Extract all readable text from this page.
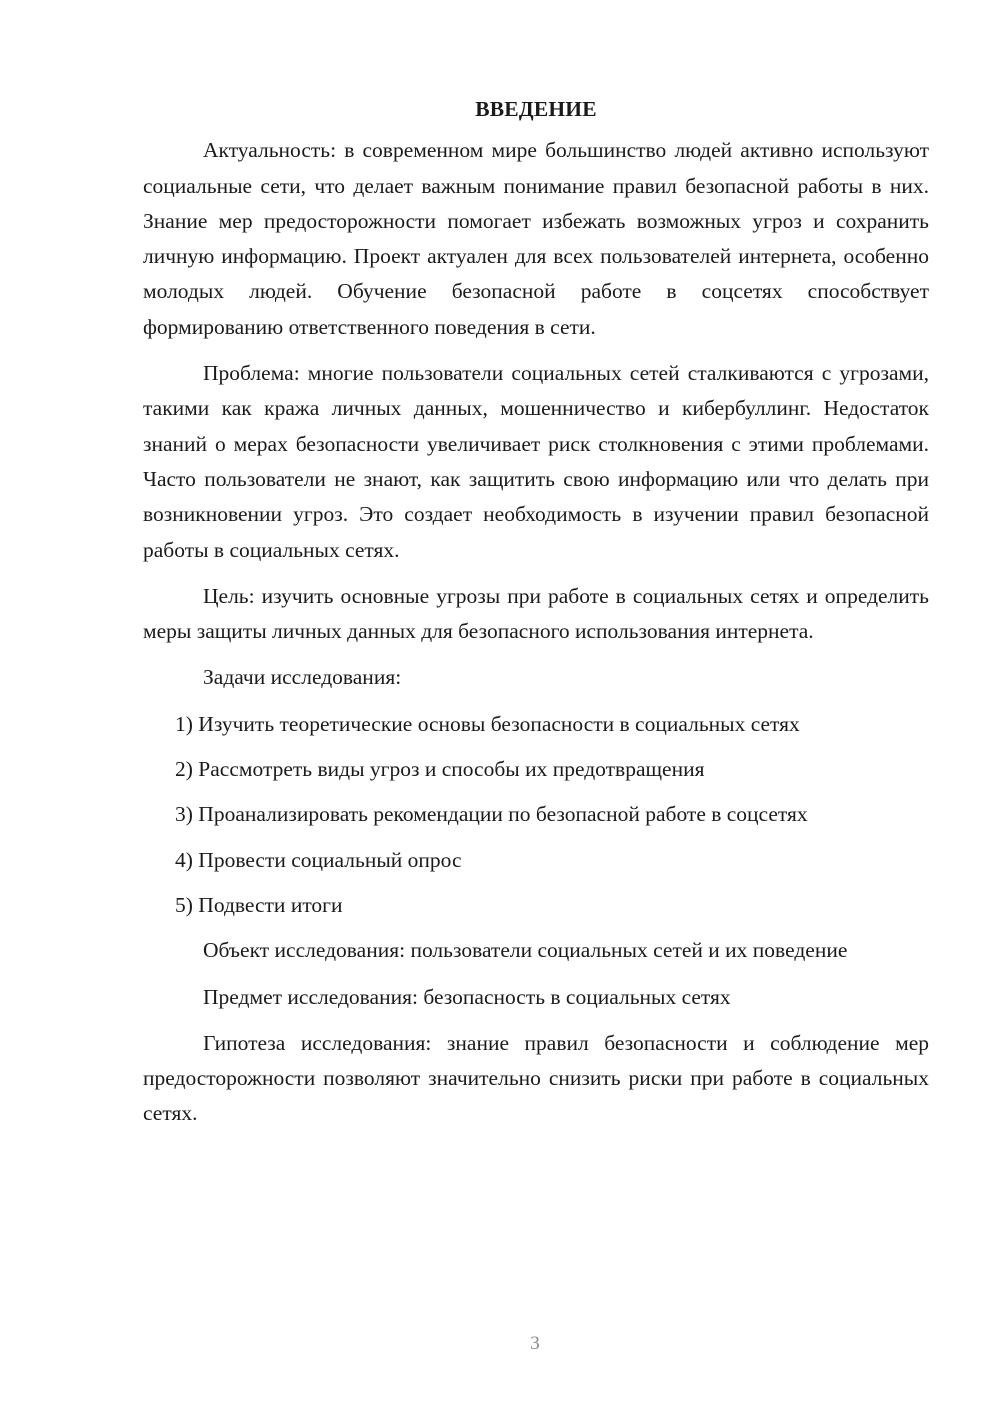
ВВЕДЕНИЕ

Актуальность: в современном мире большинство людей активно используют социальные сети, что делает важным понимание правил безопасной работы в них. Знание мер предосторожности помогает избежать возможных угроз и сохранить личную информацию. Проект актуален для всех пользователей интернета, особенно молодых людей. Обучение безопасной работе в соцсетях способствует формированию ответственного поведения в сети.

Проблема: многие пользователи социальных сетей сталкиваются с угрозами, такими как кража личных данных, мошенничество и кибербуллинг. Недостаток знаний о мерах безопасности увеличивает риск столкновения с этими проблемами. Часто пользователи не знают, как защитить свою информацию или что делать при возникновении угроз. Это создает необходимость в изучении правил безопасной работы в социальных сетях.

Цель: изучить основные угрозы при работе в социальных сетях и определить меры защиты личных данных для безопасного использования интернета.

Задачи исследования:

1) Изучить теоретические основы безопасности в социальных сетях
2) Рассмотреть виды угроз и способы их предотвращения
3) Проанализировать рекомендации по безопасной работе в соцсетях
4) Провести социальный опрос
5) Подвести итоги

Объект исследования: пользователи социальных сетей и их поведение

Предмет исследования: безопасность в социальных сетях

Гипотеза исследования: знание правил безопасности и соблюдение мер предосторожности позволяют значительно снизить риски при работе в социальных сетях.

3
